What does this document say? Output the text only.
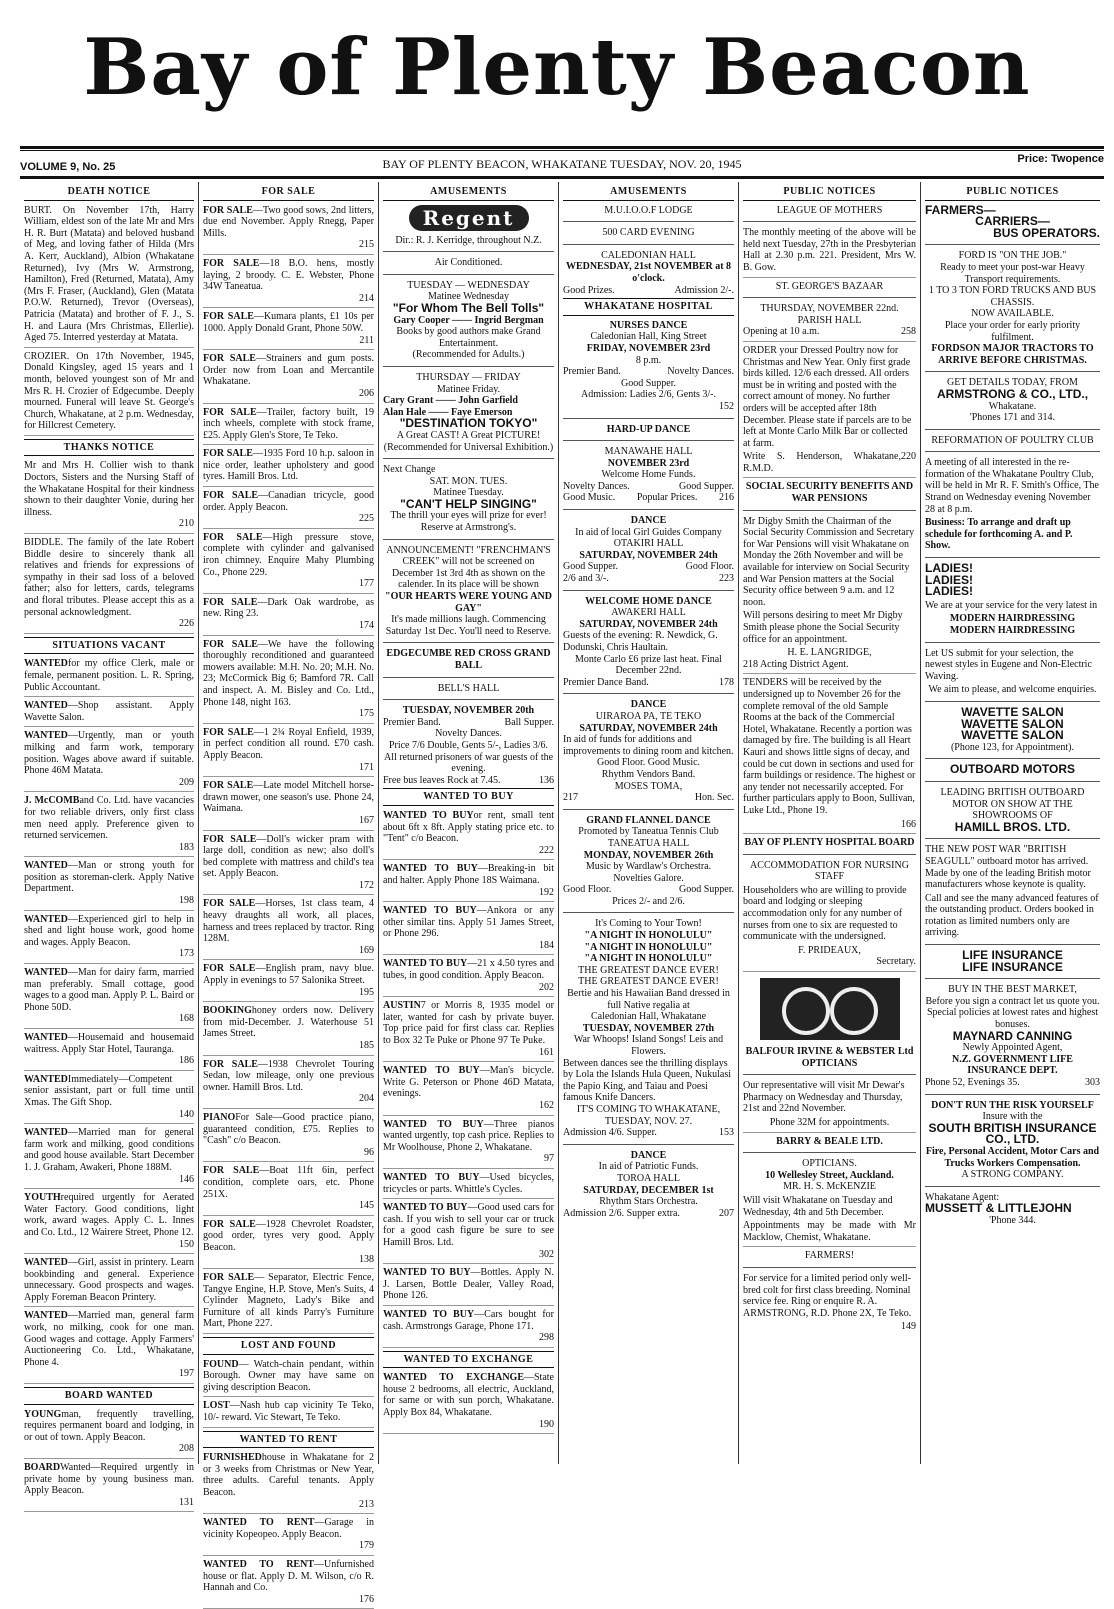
Bay of Plenty Beacon
VOLUME 9, No. 25	BAY OF PLENTY BEACON, WHAKATANE TUESDAY, NOV. 20, 1945	Price: Twopence
DEATH NOTICE

BURT. On November 17th, Harry William, eldest son of the late Mr and Mrs H. R. Burt (Matata) and beloved husband of Meg, and loving father of Hilda (Mrs A. Kerr, Auckland), Albion (Whakatane Returned), Ivy (Mrs W. Armstrong, Hamilton), Fred (Returned, Matata), Amy (Mrs F. Fraser, (Auckland), Glen (Matata P.O.W. Returned), Trevor (Overseas), Patricia (Matata) and brother of F. J., S. H. and Laura (Mrs Christmas, Ellerlie). Aged 75. Interred yesterday at Matata.

CROZIER. On 17th November, 1945, Donald Kingsley, aged 15 years and 1 month, beloved youngest son of Mr and Mrs R. H. Crozier of Edgecumbe. Deeply mourned. Funeral will leave St. George's Church, Whakatane, at 2 p.m. Wednesday, for Hillcrest Cemetery.

THANKS NOTICE

Mr and Mrs H. Collier wish to thank Doctors, Sisters and the Nursing Staff of the Whakatane Hospital for their kindness shown to their daughter Vonie, during her illness.
210

BIDDLE. The family of the late Robert Biddle desire to sincerely thank all relatives and friends for expressions of sympathy in their sad loss of a beloved father; also for letters, cards, telegrams and floral tributes. Please accept this as a personal acknowledgment.
226

SITUATIONS VACANT

WANTEDfor my office Clerk, male or female, permanent position. L. R. Spring, Public Accountant.

WANTED—Shop assistant. Apply Wavette Salon.

WANTED—Urgently, man or youth milking and farm work, temporary position. Wages above award if suitable. Phone 46M Matata.
209

J. McCOMBand Co. Ltd. have vacancies for two reliable drivers, only first class men need apply. Preference given to returned servicemen.
183

WANTED—Man or strong youth for position as storeman-clerk. Apply Native Department.
198

WANTED—Experienced girl to help in shed and light house work, good home and wages. Apply Beacon.
173

WANTED—Man for dairy farm, married man preferably. Small cottage, good wages to a good man. Apply P. L. Baird or Phone 50D.
168

WANTED—Housemaid and housemaid waitress. Apply Star Hotel, Tauranga.
186

WANTEDImmediately—Competent senior assistant, part or full time until Xmas. The Gift Shop.
140

WANTED—Married man for general farm work and milking, good conditions and good house available. Start December 1. J. Graham, Awakeri, Phone 188M.
146

YOUTHrequired urgently for Aerated Water Factory. Good conditions, light work, award wages. Apply C. L. Innes and Co. Ltd., 12 Wairere Street, Phone 12.
150

WANTED—Girl, assist in printery. Learn bookbinding and general. Experience unnecessary. Good prospects and wages. Apply Foreman Beacon Printery.

WANTED—Married man, general farm work, no milking, cook for one man. Good wages and cottage. Apply Farmers' Auctioneering Co. Ltd., Whakatane, Phone 4.
197

BOARD WANTED

YOUNGman, frequently travelling, requires permanent board and lodging, in or out of town. Apply Beacon.
208

BOARDWanted—Required urgently in private home by young business man. Apply Beacon.
131

FOR SALE

FOR SALE—Two good sows, 2nd litters, due end November. Apply Rnegg, Paper Mills.
215

FOR SALE—18 B.O. hens, mostly laying, 2 broody. C. E. Webster, Phone 34W Taneatua.
214

FOR SALE—Kumara plants, £1 10s per 1000. Apply Donald Grant, Phone 50W.
211

FOR SALE—Strainers and gum posts. Order now from Loan and Mercantile Whakatane.
206

FOR SALE—Trailer, factory built, 19 inch wheels, complete with stock frame, £25. Apply Glen's Store, Te Teko.

FOR SALE—1935 Ford 10 h.p. saloon in nice order, leather upholstery and good tyres. Hamill Bros. Ltd.

FOR SALE—Canadian tricycle, good order. Apply Beacon.
225

FOR SALE—High pressure stove, complete with cylinder and galvanised iron chimney. Enquire Mahy Plumbing Co., Phone 229.
177

FOR SALE—Dark Oak wardrobe, as new. Ring 23.
174

FOR SALE—We have the following thoroughly reconditioned and guaranteed mowers available: M.H. No. 20; M.H. No. 23; McCormick Big 6; Bamford 7R. Call and inspect. A. M. Bisley and Co. Ltd., Phone 148, night 163.
175

FOR SALE—1 2¾ Royal Enfield, 1939, in perfect condition all round. £70 cash. Apply Beacon.
171

FOR SALE—Late model Mitchell horse-drawn mower, one season's use. Phone 24, Waimana.
167

FOR SALE—Doll's wicker pram with large doll, condition as new; also doll's bed complete with mattress and child's tea set. Apply Beacon.
172

FOR SALE—Horses, 1st class team, 4 heavy draughts all work, all places, harness and trees replaced by tractor. Ring 128M.
169

FOR SALE—English pram, navy blue. Apply in evenings to 57 Salonika Street.
195

BOOKINGhoney orders now. Delivery from mid-December. J. Waterhouse 51 James Street.
185

FOR SALE—1938 Chevrolet Touring Sedan, low mileage, only one previous owner. Hamill Bros. Ltd.
204

PIANOFor Sale—Good practice piano, guaranteed condition, £75. Replies to "Cash" c/o Beacon.
96

FOR SALE—Boat 11ft 6in, perfect condition, complete oars, etc. Phone 251X.
145

FOR SALE—1928 Chevrolet Roadster, good order, tyres very good. Apply Beacon.
138

FOR SALE— Separator, Electric Fence, Tangye Engine, H.P. Stove, Men's Suits, 4 Cylinder Magneto, Lady's Bike and Furniture of all kinds Parry's Furniture Mart, Phone 227.

LOST AND FOUND

FOUND— Watch-chain pendant, within Borough. Owner may have same on giving description Beacon.

LOST—Nash hub cap vicinity Te Teko, 10/- reward. Vic Stewart, Te Teko.

WANTED TO RENT

FURNISHEDhouse in Whakatane for 2 or 3 weeks from Christmas or New Year, three adults. Careful tenants. Apply Beacon.
213

WANTED TO RENT—Garage in vicinity Kopeopeo. Apply Beacon.
179

WANTED TO RENT—Unfurnished house or flat. Apply D. M. Wilson, c/o R. Hannah and Co.
176

AMUSEMENTS
Regent
Dir.: R. J. Kerridge, throughout N.Z.
Air Conditioned.
TUESDAY — WEDNESDAY
Matinee Wednesday
"For Whom The Bell Tolls"
Gary Cooper —— Ingrid Bergman
Books by good authors make Grand Entertainment.
(Recommended for Adults.)
THURSDAY — FRIDAY
Matinee Friday.
Cary Grant —— John Garfield
Alan Hale —— Faye Emerson
"DESTINATION TOKYO"
A Great CAST! A Great PICTURE!
(Recommended for Universal Exhibition.)
Next Change
SAT. MON. TUES.
Matinee Tuesday.
"CAN'T HELP SINGING"
The thrill your eyes will prize for ever!
Reserve at Armstrong's.
ANNOUNCEMENT! "FRENCHMAN'S CREEK" will not be screened on December 1st 3rd 4th as shown on the calender. In its place will be shown
"OUR HEARTS WERE YOUNG AND GAY"
It's made millions laugh. Commencing Saturday 1st Dec. You'll need to Reserve.
EDGECUMBE RED CROSS GRAND BALL
BELL'S HALL
TUESDAY, NOVEMBER 20th
Premier Band.	Ball Supper.
Novelty Dances.
Price 7/6 Double, Gents 5/-, Ladies 3/6.
All returned prisoners of war guests of the evening.
Free bus leaves Rock at 7.45.	136
WANTED TO BUY

WANTED TO BUYor rent, small tent about 6ft x 8ft. Apply stating price etc. to "Tent" c/o Beacon.
222

WANTED TO BUY—Breaking-in bit and halter. Apply Phone 18S Waimana.
192

WANTED TO BUY—Ankora or any other similar tins. Apply 51 James Street, or Phone 296.
184

WANTED TO BUY—21 x 4.50 tyres and tubes, in good condition. Apply Beacon.
202

AUSTIN7 or Morris 8, 1935 model or later, wanted for cash by private buyer. Top price paid for first class car. Replies to Box 32 Te Puke or Phone 97 Te Puke.
161

WANTED TO BUY—Man's bicycle. Write G. Peterson or Phone 46D Matata, evenings.
162

WANTED TO BUY—Three pianos wanted urgently, top cash price. Replies to Mr Woolhouse, Phone 2, Whakatane.
97

WANTED TO BUY—Used bicycles, tricycles or parts. Whittle's Cycles.

WANTED TO BUY—Good used cars for cash. If you wish to sell your car or truck for a good cash figure be sure to see Hamill Bros. Ltd.
302

WANTED TO BUY—Bottles. Apply N. J. Larsen, Bottle Dealer, Valley Road, Phone 126.

WANTED TO BUY—Cars bought for cash. Armstrongs Garage, Phone 171.
298

WANTED TO EXCHANGE

WANTED TO EXCHANGE—State house 2 bedrooms, all electric, Auckland, for same or with sun porch, Whakatane. Apply Box 84, Whakatane.
190

AMUSEMENTS
M.U.I.O.O.F LODGE
500 CARD EVENING
CALEDONIAN HALL
WEDNESDAY, 21st NOVEMBER at 8 o'clock.
Good Prizes.	Admission 2/-.
WHAKATANE HOSPITAL
NURSES DANCE
Caledonian Hall, King Street
FRIDAY, NOVEMBER 23rd
8 p.m.
Premier Band.	Novelty Dances.
Good Supper.
Admission: Ladies 2/6, Gents 3/-.
152
HARD-UP DANCE
MANAWAHE HALL
NOVEMBER 23rd
Welcome Home Funds.
Novelty Dances.	Good Supper.
Good Music. Popular Prices. 216
DANCE
In aid of local Girl Guides Company
OTAKIRI HALL
SATURDAY, NOVEMBER 24th
Good Supper.	Good Floor.
2/6 and 3/-.	223
WELCOME HOME DANCE
AWAKERI HALL
SATURDAY, NOVEMBER 24th
Guests of the evening: R. Newdick, G. Dodunski, Chris Haultain.
Monte Carlo £6 prize last heat. Final December 22nd.
Premier Dance Band.	178
DANCE
UIRAROA PA, TE TEKO
SATURDAY, NOVEMBER 24th
In aid of funds for additions and improvements to dining room and kitchen.
Good Floor. Good Music.
Rhythm Vendors Band.
MOSES TOMA,
217	Hon. Sec.
GRAND FLANNEL DANCE
Promoted by Taneatua Tennis Club
TANEATUA HALL
MONDAY, NOVEMBER 26th
Music by Wardlaw's Orchestra.
Novelties Galore.
Good Floor.	Good Supper.
Prices 2/- and 2/6.
It's Coming to Your Town!
"A NIGHT IN HONOLULU"
"A NIGHT IN HONOLULU"
"A NIGHT IN HONOLULU"
THE GREATEST DANCE EVER!
THE GREATEST DANCE EVER!
Bertie and his Hawaiian Band dressed in full Native regalia at
Caledonian Hall, Whakatane
TUESDAY, NOVEMBER 27th
War Whoops! Island Songs! Leis and Flowers.
Between dances see the thrilling displays by Lola the Islands Hula Queen, Nukulasi the Papio King, and Taiau and Poesi famous Knife Dancers.
IT'S COMING TO WHAKATANE, TUESDAY, NOV. 27.
Admission 4/6. Supper.	153
DANCE
In aid of Patriotic Funds.
TOROA HALL
SATURDAY, DECEMBER 1st
Rhythm Stars Orchestra.
Admission 2/6. Supper extra.	207
PUBLIC NOTICES
LEAGUE OF MOTHERS

The monthly meeting of the above will be held next Tuesday, 27th in the Presbyterian Hall at 2.30 p.m. 221. President, Mrs W. B. Gow.

ST. GEORGE'S BAZAAR
THURSDAY, NOVEMBER 22nd.
PARISH HALL
Opening at 10 a.m.	258

ORDER your Dressed Poultry now for Christmas and New Year. Only first grade birds killed. 12/6 each dressed. All orders must be in writing and posted with the correct amount of money. No further orders will be accepted after 18th December. Please state if parcels are to be left at Monte Carlo Milk Bar or collected at farm.

Write S. Henderson, Whakatane, R.M.D.
220
SOCIAL SECURITY BENEFITS AND WAR PENSIONS

Mr Digby Smith the Chairman of the Social Security Commission and Secretary for War Pensions will visit Whakatane on Monday the 26th November and will be available for interview on Social Security and War Pension matters at the Social Security office between 9 a.m. and 12 noon.

Will persons desiring to meet Mr Digby Smith please phone the Social Security office for an appointment.

H. E. LANGRIDGE,
218 Acting District Agent.

TENDERS will be received by the undersigned up to November 26 for the complete removal of the old Sample Rooms at the back of the Commercial Hotel, Whakatane. Recently a portion was damaged by fire. The building is all Heart Kauri and shows little signs of decay, and could be cut down in sections and used for farm buildings or residence. The highest or any tender not necessarily accepted. For further particulars apply to Boon, Sullivan, Luke Ltd., Phone 19.

166
BAY OF PLENTY HOSPITAL BOARD
ACCOMMODATION FOR NURSING STAFF

Householders who are willing to provide board and lodging or sleeping accommodation only for any number of nurses from one to six are requested to communicate with the undersigned.

F. PRIDEAUX,
Secretary.
BALFOUR IRVINE & WEBSTER Ltd
OPTICIANS

Our representative will visit Mr Dewar's Pharmacy on Wednesday and Thursday, 21st and 22nd November.

Phone 32M for appointments.
BARRY & BEALE LTD.
OPTICIANS.
10 Wellesley Street, Auckland.
MR. H. S. McKENZIE

Will visit Whakatane on Tuesday and Wednesday, 4th and 5th December.

Appointments may be made with Mr Macklow, Chemist, Whakatane.

FARMERS!

For service for a limited period only well-bred colt for first class breeding. Nominal service fee. Ring or enquire R. A. ARMSTRONG, R.D. Phone 2X, Te Teko.

149
PUBLIC NOTICES
FARMERS—
CARRIERS—
BUS OPERATORS.
FORD IS "ON THE JOB."
Ready to meet your post-war Heavy Transport requirements.
1 TO 3 TON FORD TRUCKS AND BUS CHASSIS.
NOW AVAILABLE.
Place your order for early priority fulfilment.
FORDSON MAJOR TRACTORS TO ARRIVE BEFORE CHRISTMAS.
GET DETAILS TODAY, FROM
ARMSTRONG & CO., LTD.,
Whakatane.
'Phones 171 and 314.
REFORMATION OF POULTRY CLUB

A meeting of all interested in the re-formation of the Whakatane Poultry Club, will be held in Mr R. F. Smith's Office, The Strand on Wednesday evening November 28 at 8 p.m.

Business: To arrange and draft up schedule for forthcoming A. and P. Show.

LADIES!
LADIES!
LADIES!

We are at your service for the very latest in

MODERN HAIRDRESSING
MODERN HAIRDRESSING

Let US submit for your selection, the newest styles in Eugene and Non-Electric Waving.

We aim to please, and welcome enquiries.

WAVETTE SALON
WAVETTE SALON
WAVETTE SALON
(Phone 123, for Appointment).
OUTBOARD MOTORS
LEADING BRITISH OUTBOARD MOTOR ON SHOW AT THE SHOWROOMS OF
HAMILL BROS. LTD.

THE NEW POST WAR "BRITISH SEAGULL" outboard motor has arrived. Made by one of the leading British motor manufacturers whose keynote is quality.

Call and see the many advanced features of the outstanding product. Orders booked in rotation as limited numbers only are arriving.

LIFE INSURANCE
LIFE INSURANCE
BUY IN THE BEST MARKET,
Before you sign a contract let us quote you.
Special policies at lowest rates and highest bonuses.
MAYNARD CANNING
Newly Appointed Agent,
N.Z. GOVERNMENT LIFE INSURANCE DEPT.
Phone 52, Evenings 35.	303
DON'T RUN THE RISK YOURSELF
Insure with the
SOUTH BRITISH INSURANCE CO., LTD.
Fire, Personal Accident, Motor Cars and Trucks Workers Compensation.
A STRONG COMPANY.
Whakatane Agent:
MUSSETT & LITTLEJOHN
'Phone 344.
